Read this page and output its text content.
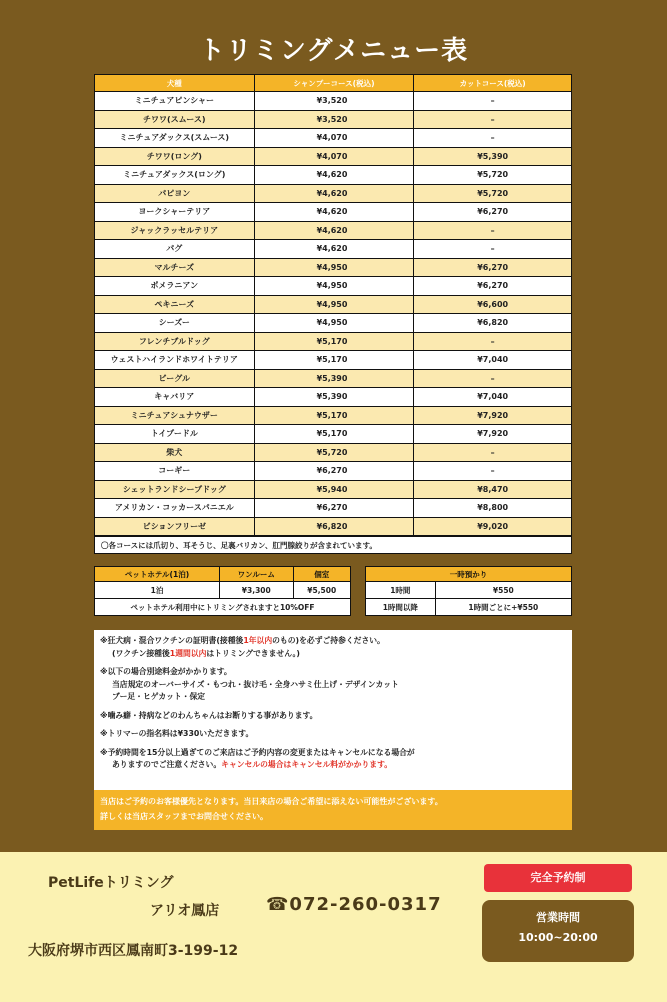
トリミングメニュー表
犬種	シャンプーコース(税込)	カットコース(税込)
ミニチュアピンシャー	¥3,520	–
チワワ(スムース)	¥3,520	–
ミニチュアダックス(スムース)	¥4,070	–
チワワ(ロング)	¥4,070	¥5,390
ミニチュアダックス(ロング)	¥4,620	¥5,720
パピヨン	¥4,620	¥5,720
ヨークシャーテリア	¥4,620	¥6,270
ジャックラッセルテリア	¥4,620	–
パグ	¥4,620	–
マルチーズ	¥4,950	¥6,270
ポメラニアン	¥4,950	¥6,270
ペキニーズ	¥4,950	¥6,600
シーズー	¥4,950	¥6,820
フレンチブルドッグ	¥5,170	–
ウェストハイランドホワイトテリア	¥5,170	¥7,040
ビーグル	¥5,390	–
キャバリア	¥5,390	¥7,040
ミニチュアシュナウザー	¥5,170	¥7,920
トイプードル	¥5,170	¥7,920
柴犬	¥5,720	–
コーギー	¥6,270	–
シェットランドシープドッグ	¥5,940	¥8,470
アメリカン・コッカースパニエル	¥6,270	¥8,800
ビションフリーゼ	¥6,820	¥9,020
〇各コースには爪切り、耳そうじ、足裏バリカン、肛門腺絞りが含まれています。
ペットホテル(1泊)	ワンルーム	個室
1泊	¥3,300	¥5,500
ペットホテル利用中にトリミングされますと10%OFF		
一時預かり	
1時間	¥550
1時間以降	1時間ごとに+¥550
※狂犬病・混合ワクチンの証明書(接種後1年以内のもの)を必ずご持参ください。
(ワクチン接種後1週間以内はトリミングできません。)
※以下の場合別途料金がかかります。
当店規定のオーバーサイズ・もつれ・抜け毛・全身ハサミ仕上げ・デザインカット
ブー足・ヒゲカット・保定
※噛み癖・持病などのわんちゃんはお断りする事があります。
※トリマーの指名料は¥330いただきます。
※予約時間を15分以上過ぎてのご来店はご予約内容の変更またはキャンセルになる場合が
ありますのでご注意ください。キャンセルの場合はキャンセル料がかかります。
当店はご予約のお客様優先となります。当日来店の場合ご希望に添えない可能性がございます。
詳しくは当店スタッフまでお問合せください。
PetLifeトリミング
アリオ鳳店	☎072-260-0317
大阪府堺市西区鳳南町3-199-12
完全予約制
営業時間
10:00~20:00
